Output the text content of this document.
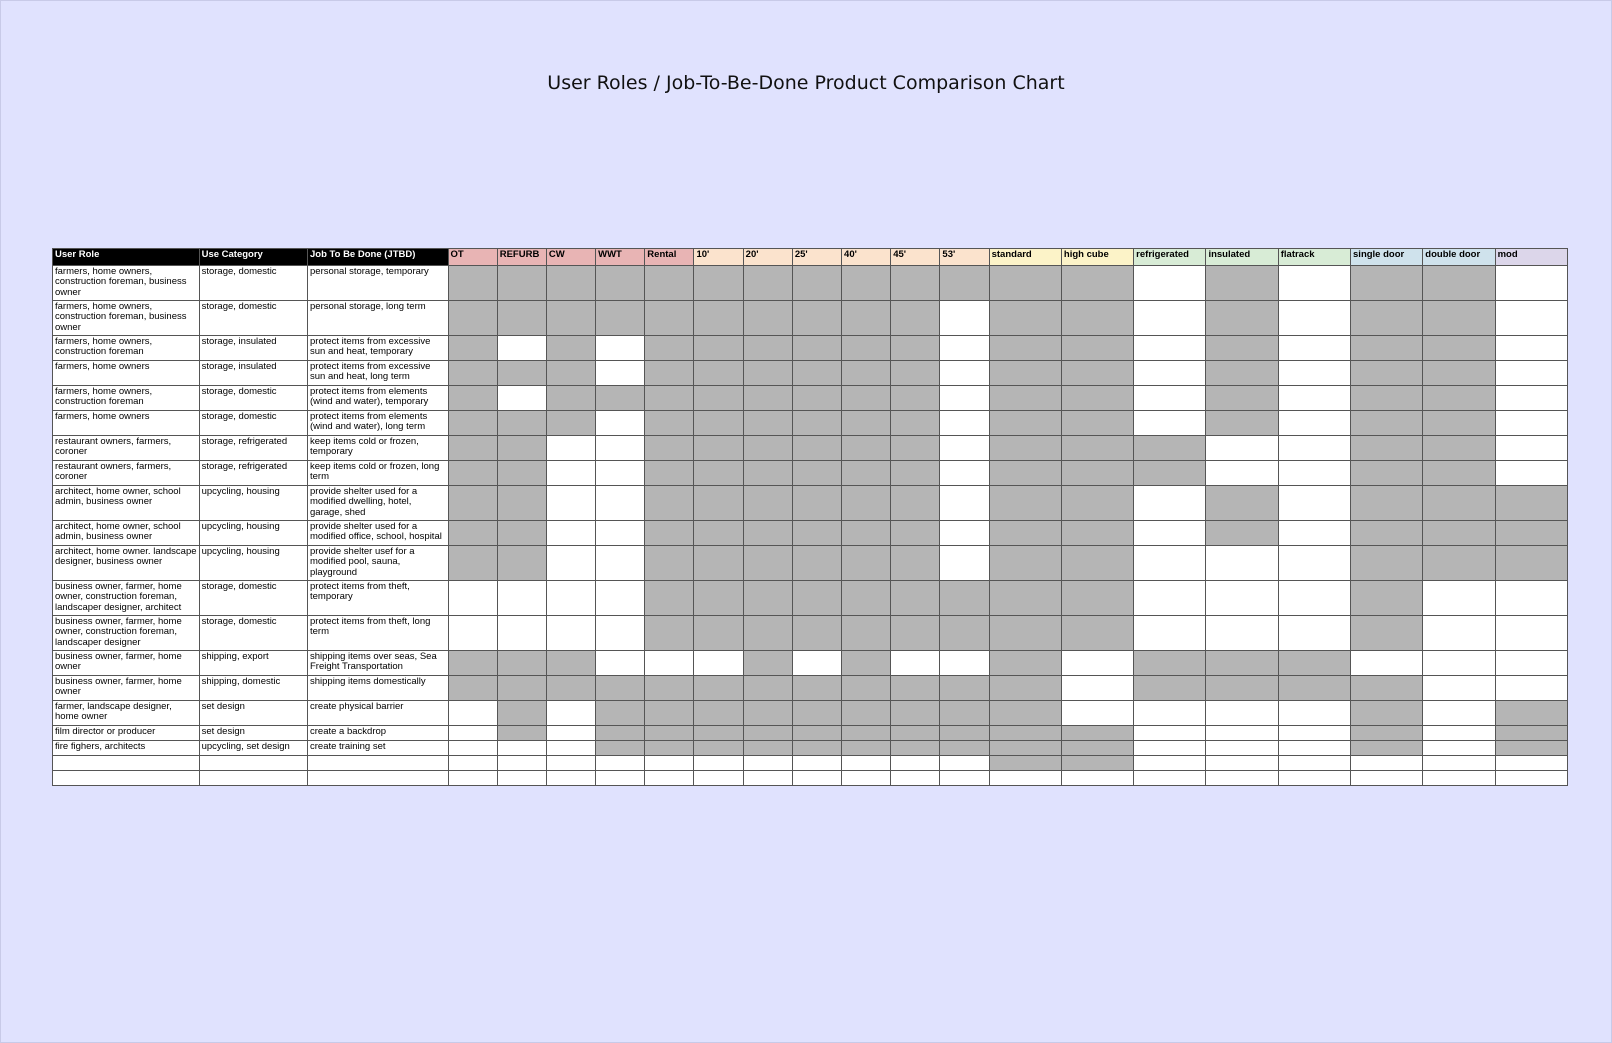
User Roles / Job-To-Be-Done Product Comparison Chart
User Role	Use Category	Job To Be Done (JTBD)	OT	REFURB	CW	WWT	Rental	10'	20'	25'	40'	45'	53'	standard	high cube	refrigerated	insulated	flatrack	single door	double door	mod
farmers, home owners, construction foreman, business owner	storage, domestic	personal storage, temporary																			
farmers, home owners, construction foreman, business owner	storage, domestic	personal storage, long term																			
farmers, home owners, construction foreman	storage, insulated	protect items from excessive sun and heat, temporary																			
farmers, home owners	storage, insulated	protect items from excessive sun and heat, long term																			
farmers, home owners, construction foreman	storage, domestic	protect items from elements (wind and water), temporary																			
farmers, home owners	storage, domestic	protect items from elements (wind and water), long term																			
restaurant owners, farmers, coroner	storage, refrigerated	keep items cold or frozen, temporary																			
restaurant owners, farmers, coroner	storage, refrigerated	keep items cold or frozen, long term																			
architect, home owner, school admin, business owner	upcycling, housing	provide shelter used for a modified dwelling, hotel, garage, shed																			
architect, home owner, school admin, business owner	upcycling, housing	provide shelter used for a modified office, school, hospital																			
architect, home owner. landscape designer, business owner	upcycling, housing	provide shelter usef for a modified pool, sauna, playground																			
business owner, farmer, home owner, construction foreman, landscaper designer, architect	storage, domestic	protect items from theft, temporary																			
business owner, farmer, home owner, construction foreman, landscaper designer	storage, domestic	protect items from theft, long term																			
business owner, farmer, home owner	shipping, export	shipping items over seas, Sea Freight Transportation																			
business owner, farmer, home owner	shipping, domestic	shipping items domestically																			
farmer, landscape designer, home owner	set design	create physical barrier																			
film director or producer	set design	create a backdrop																			
fire fighers, architects	upcycling, set design	create training set																			
